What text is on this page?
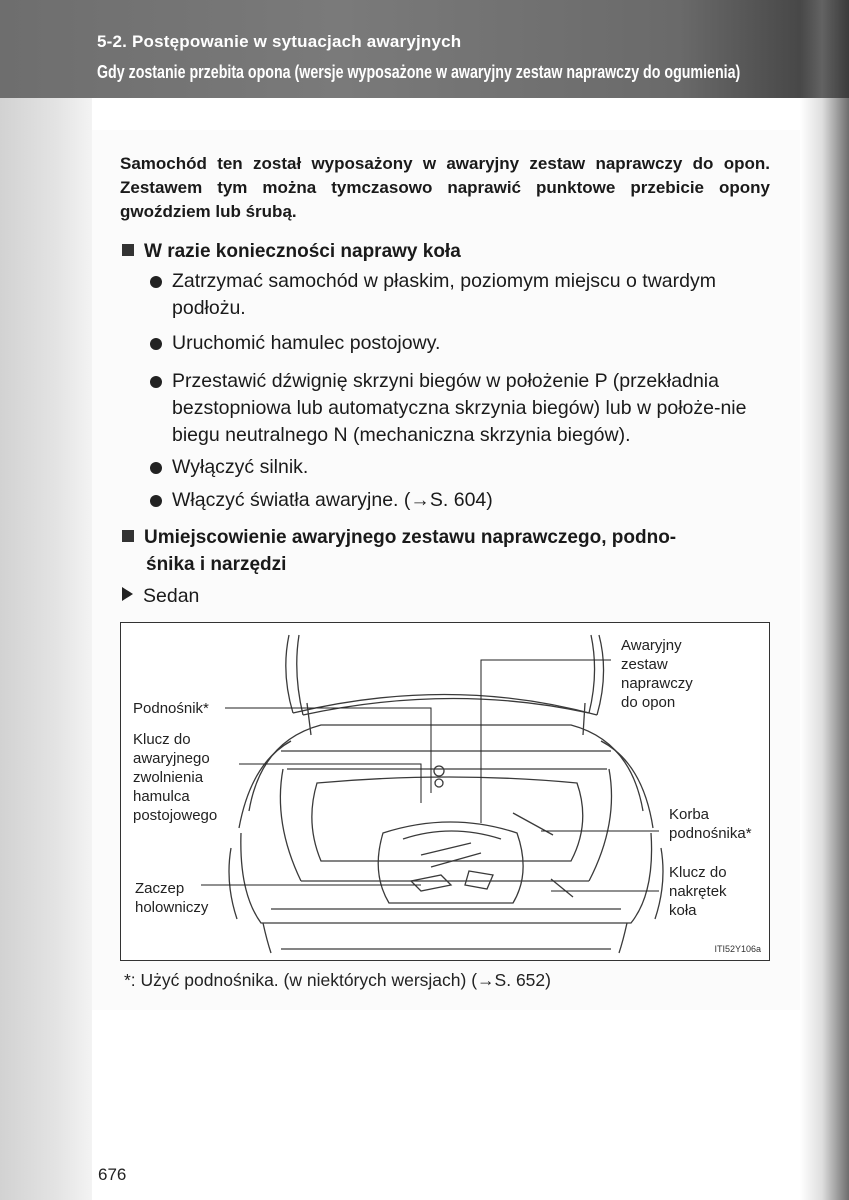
5-2. Postępowanie w sytuacjach awaryjnych
Gdy zostanie przebita opona (wersje wyposażone w awaryjny zestaw naprawczy do ogumienia)
Samochód ten został wyposażony w awaryjny zestaw naprawczy do opon. Zestawem tym można tymczasowo naprawić punktowe przebicie opony gwoździem lub śrubą.
W razie konieczności naprawy koła
Zatrzymać samochód w płaskim, poziomym miejscu o twardym podłożu.
Uruchomić hamulec postojowy.
Przestawić dźwignię skrzyni biegów w położenie P (przekładnia bezstopniowa lub automatyczna skrzynia biegów) lub w położe-nie biegu neutralnego N (mechaniczna skrzynia biegów).
Wyłączyć silnik.
Włączyć światła awaryjne. (→S. 604)
Umiejscowienie awaryjnego zestawu naprawczego, podno-
śnika i narzędzi
Sedan
Podnośnik*
Klucz do
awaryjnego
zwolnienia
hamulca
postojowego
Zaczep
holowniczy
Awaryjny
zestaw
naprawczy
do opon
Korba
podnośnika*
Klucz do
nakrętek
koła
ITI52Y106a
*: Użyć podnośnika. (w niektórych wersjach) (→S. 652)
676
